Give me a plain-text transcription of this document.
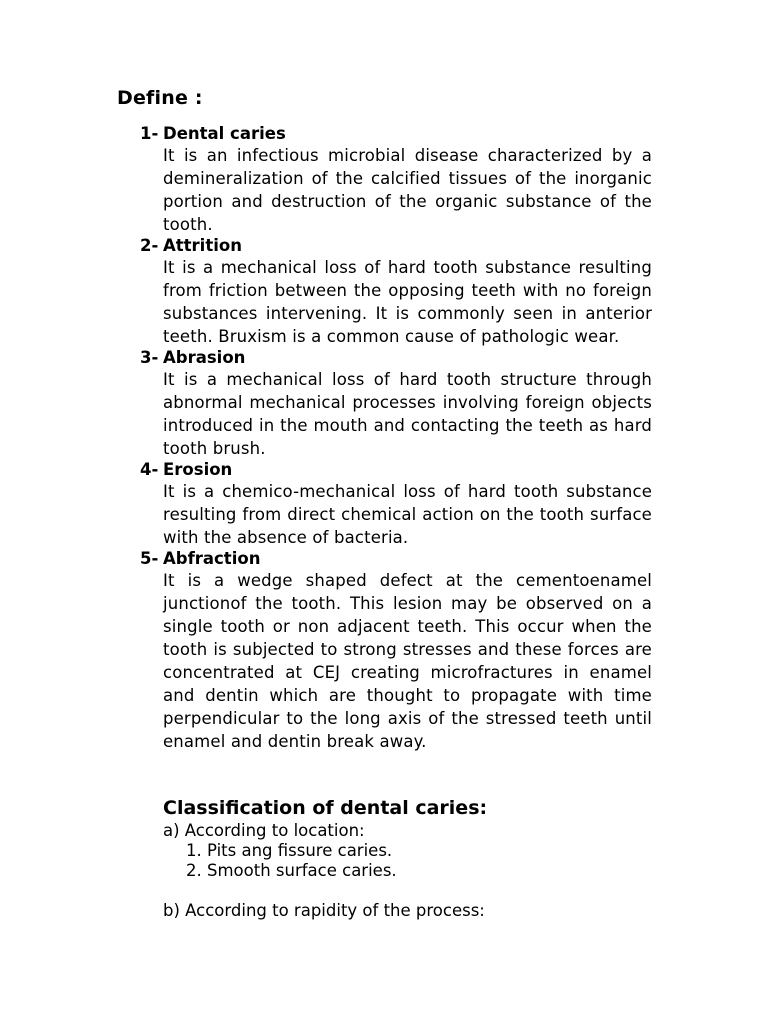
Define :
1- Dental caries
It is an infectious microbial disease characterized by a demineralization of the calcified tissues of the inorganic portion and destruction of the organic substance of the tooth.
2- Attrition
It is a mechanical loss of hard tooth substance resulting from friction between the opposing teeth with no foreign substances intervening. It is commonly seen in anterior teeth. Bruxism is a common cause of pathologic wear.
3- Abrasion
It is a mechanical loss of hard tooth structure through abnormal mechanical processes involving foreign objects introduced in the mouth and contacting the teeth as hard tooth brush.
4- Erosion
It is a chemico-mechanical loss of hard tooth substance resulting from direct chemical action on the tooth surface with the absence of bacteria.
5- Abfraction
It is a wedge shaped defect at the cementoenamel junctionof the tooth. This lesion may be observed on a single tooth or non adjacent teeth. This occur when the tooth is subjected to strong stresses and these forces are concentrated at CEJ creating microfractures in enamel and dentin which are thought to propagate with time perpendicular to the long axis of the stressed teeth until enamel and dentin break away.
Classification of dental caries:
a) According to location:
1. Pits ang fissure caries.
2. Smooth surface caries.
b) According to rapidity of the process:
